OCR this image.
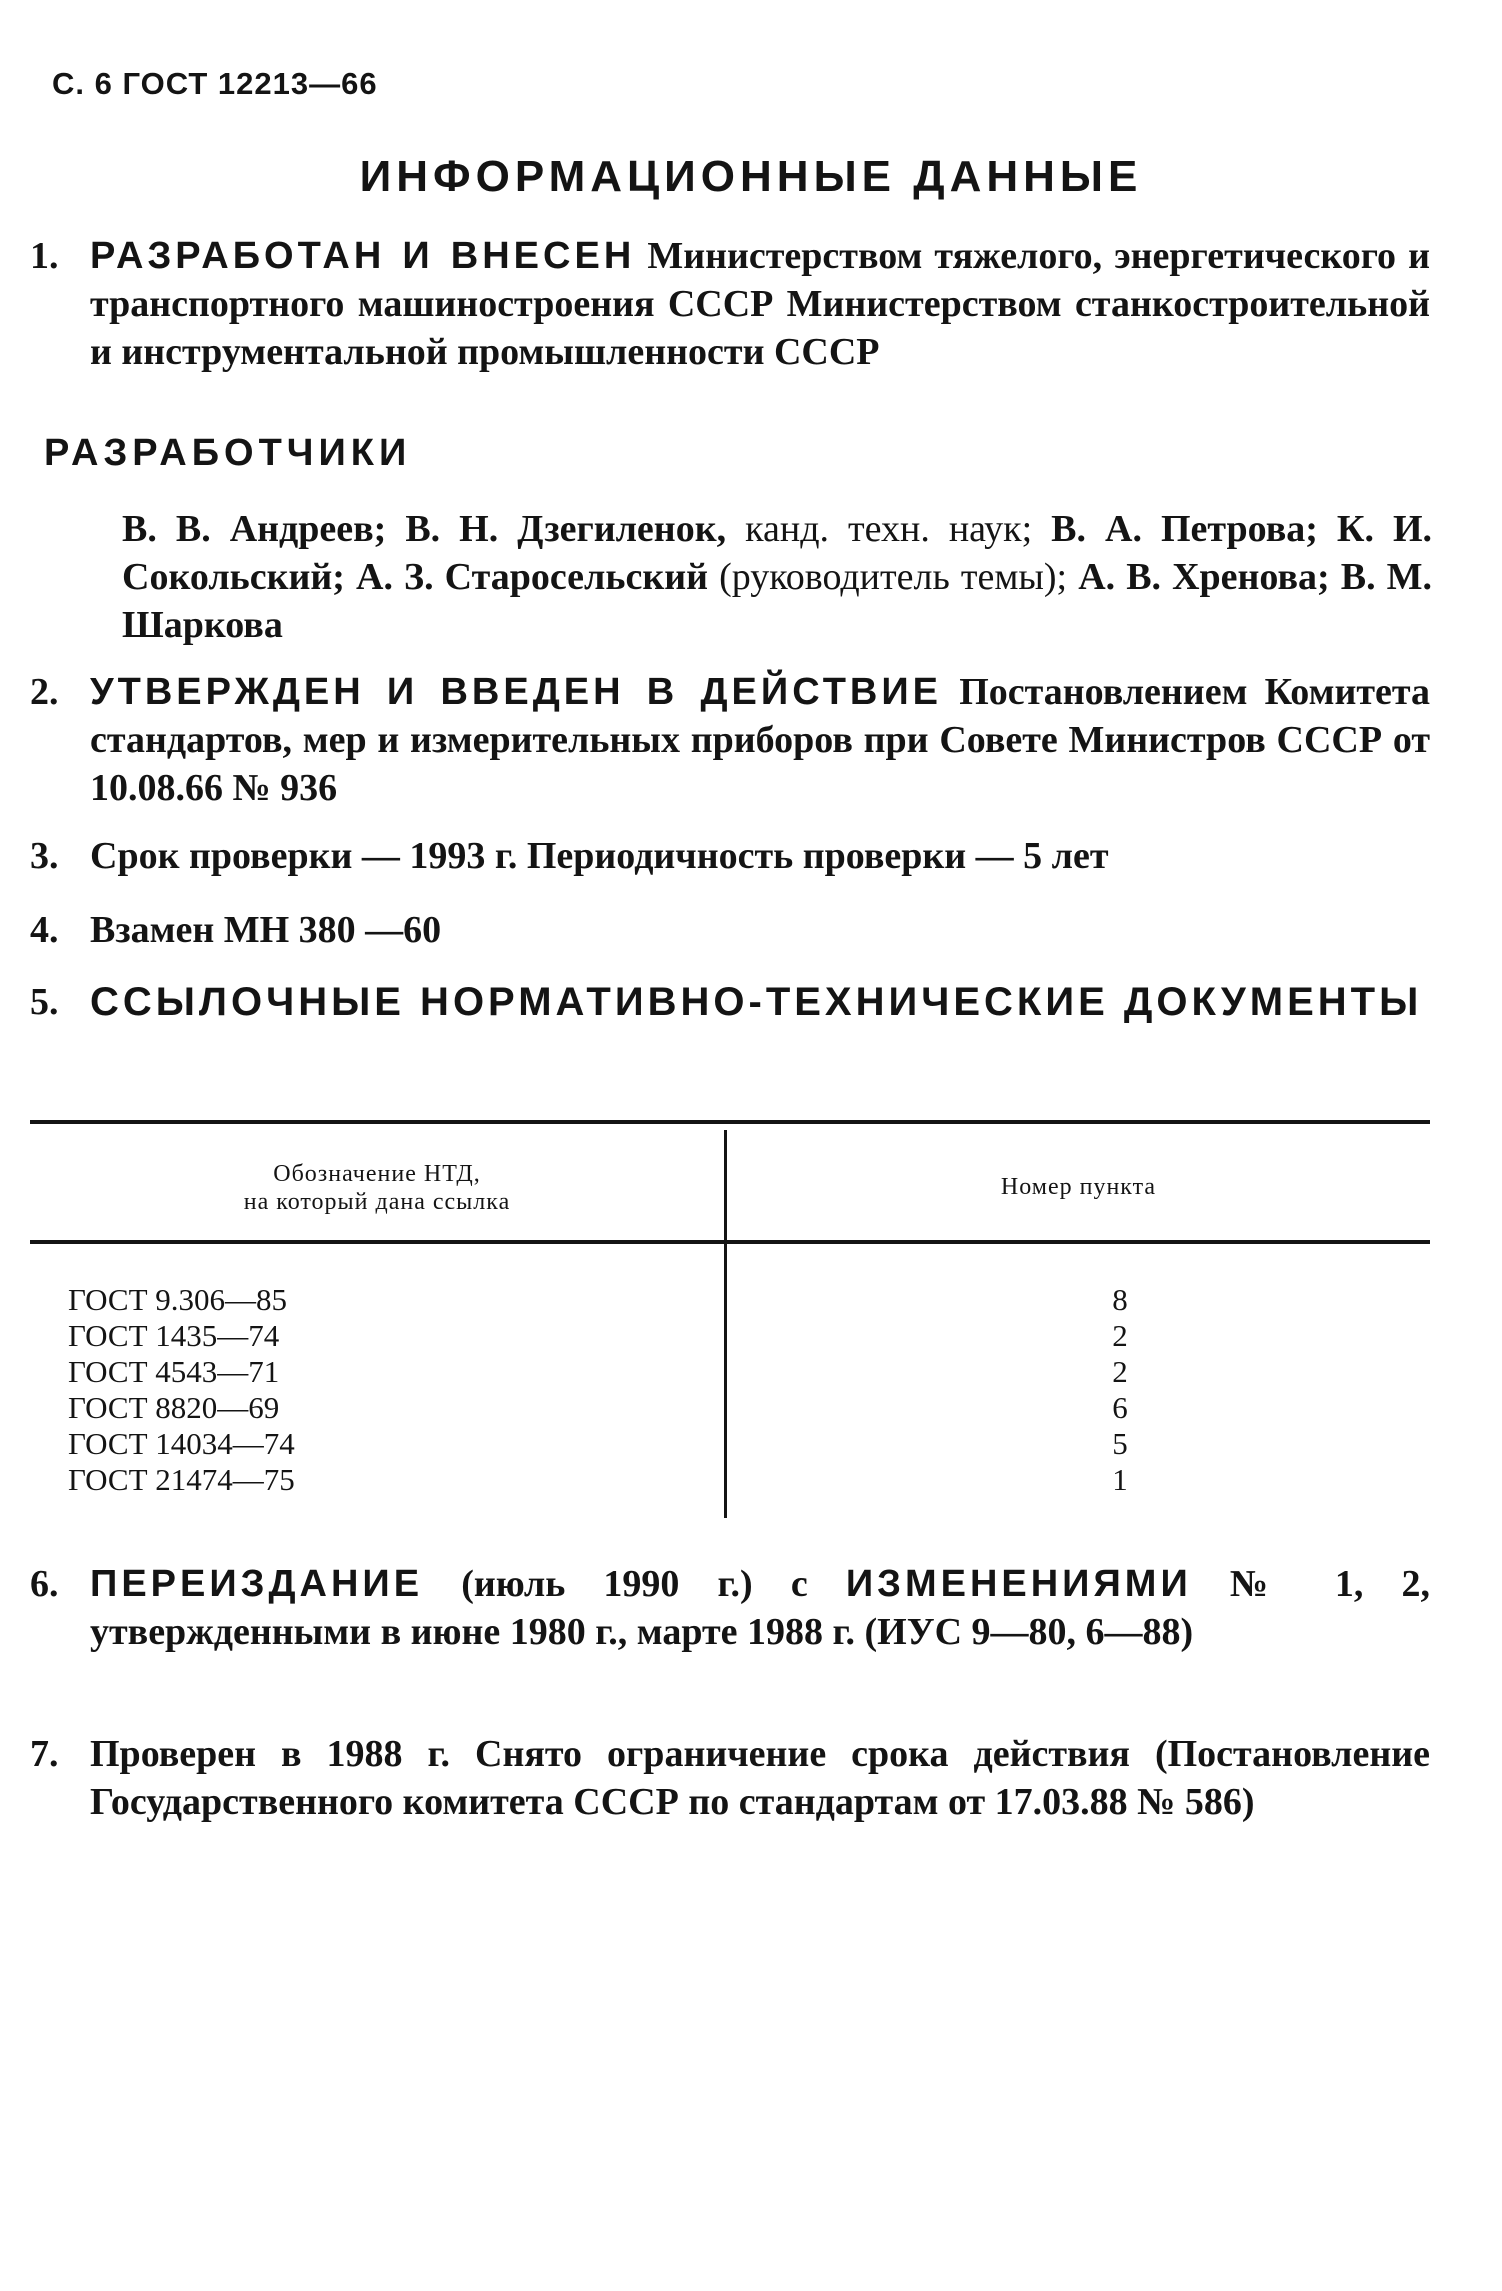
С. 6 ГОСТ 12213—66
ИНФОРМАЦИОННЫЕ ДАННЫЕ
1. РАЗРАБОТАН И ВНЕСЕН Министерством тяжелого, энергетического и транспортного машиностроения СССР Министерством станкостроительной и инструментальной промышленности СССР
РАЗРАБОТЧИКИ
В. В. Андреев; В. Н. Дзегиленок, канд. техн. наук; В. А. Петрова; К. И. Сокольский; А. З. Старосельский (руководитель темы); А. В. Хренова; В. М. Шаркова
2. УТВЕРЖДЕН И ВВЕДЕН В ДЕЙСТВИЕ Постановлением Комитета стандартов, мер и измерительных приборов при Совете Министров СССР от 10.08.66 № 936
3. Срок проверки — 1993 г. Периодичность проверки — 5 лет
4. Взамен МН 380 —60
5. ССЫЛОЧНЫЕ НОРМАТИВНО-ТЕХНИЧЕСКИЕ ДОКУМЕНТЫ
Обозначение НТД,
на который дана ссылка
Номер пункта
ГОСТ 9.306—85
ГОСТ 1435—74
ГОСТ 4543—71
ГОСТ 8820—69
ГОСТ 14034—74
ГОСТ 21474—75
8
2
2
6
5
1
6. ПЕРЕИЗДАНИЕ (июль 1990 г.) с ИЗМЕНЕНИЯМИ № 1, 2, утвержденными в июне 1980 г., марте 1988 г. (ИУС 9—80, 6—88)
7. Проверен в 1988 г. Снято ограничение срока действия (Постановление Государственного комитета СССР по стандартам от 17.03.88 № 586)
